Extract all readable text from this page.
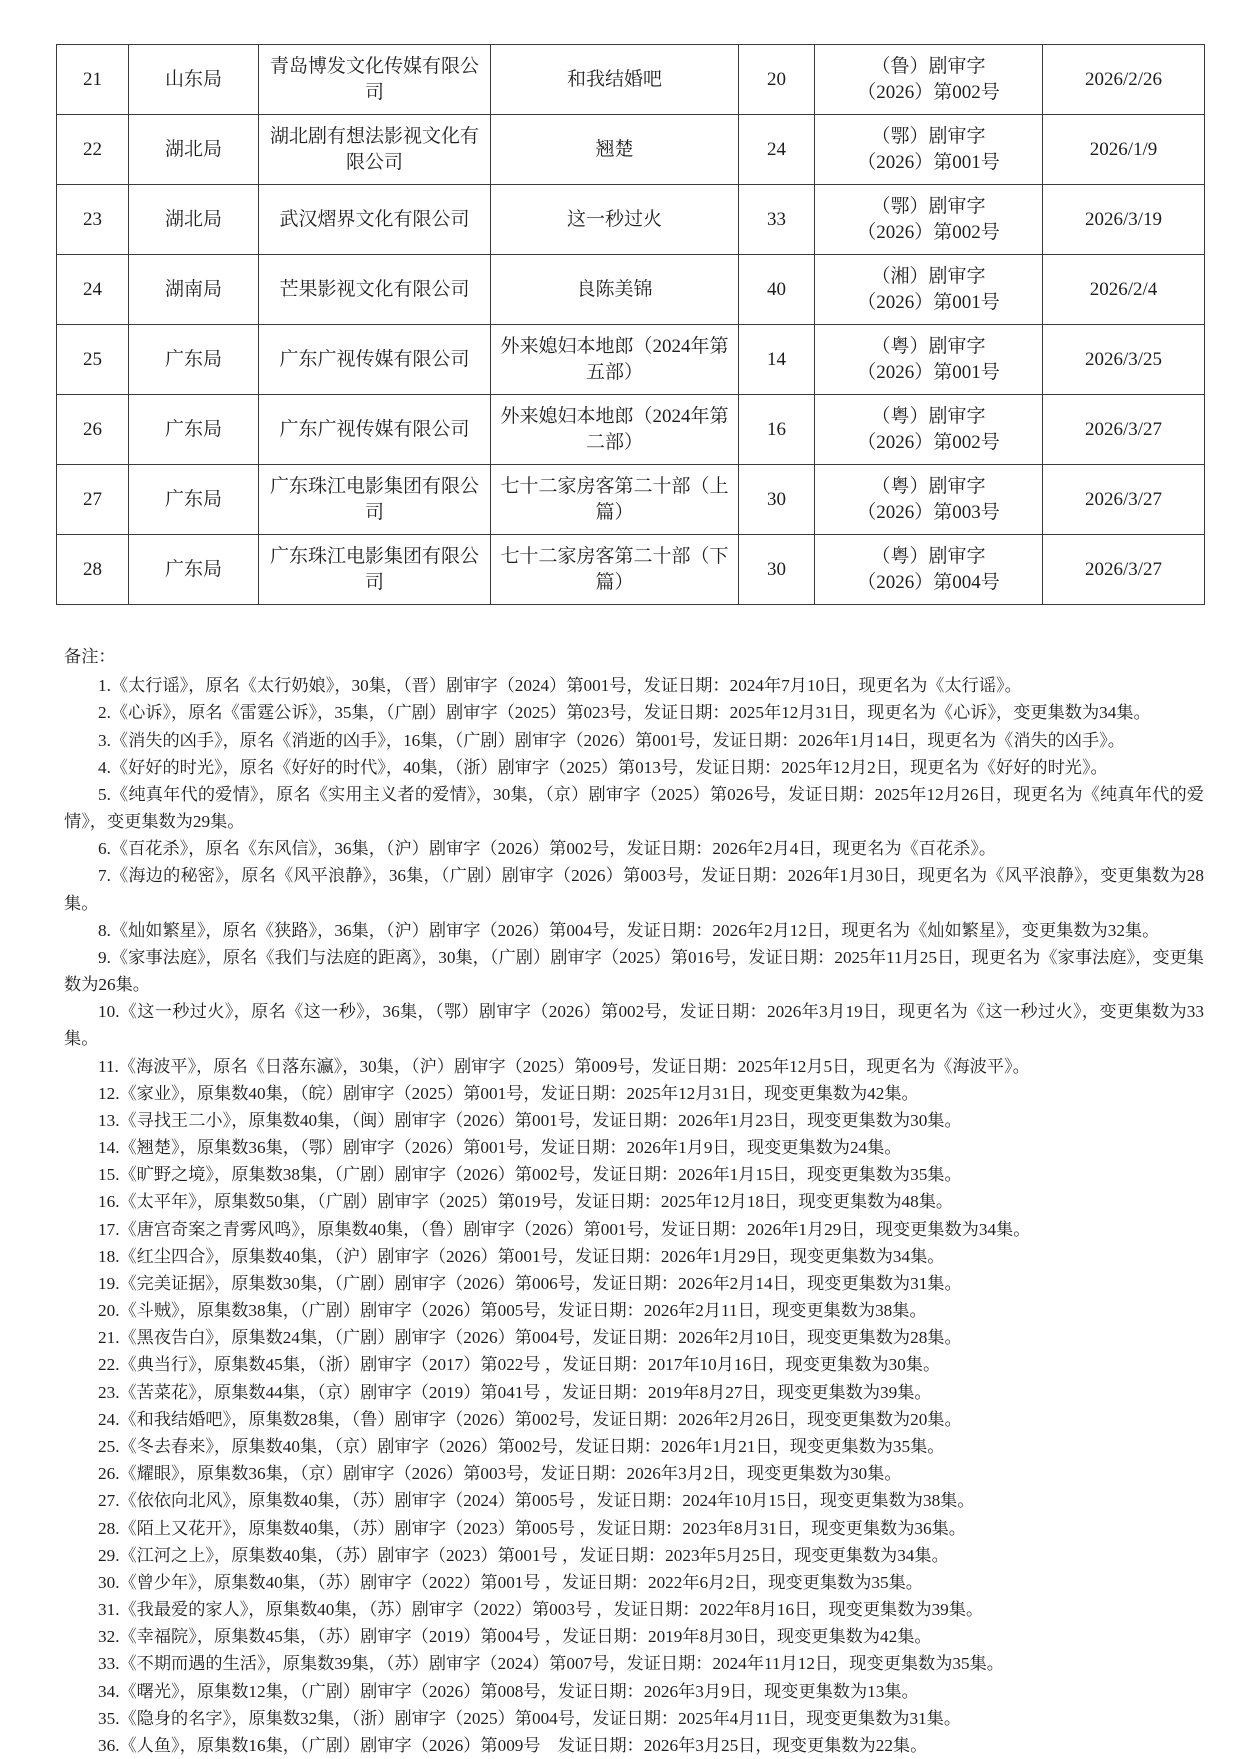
21	山东局	青岛博发文化传媒有限公司	和我结婚吧	20	（鲁）剧审字
（2026）第002号	2026/2/26
22	湖北局	湖北剧有想法影视文化有限公司	翘楚	24	（鄂）剧审字
（2026）第001号	2026/1/9
23	湖北局	武汉熠界文化有限公司	这一秒过火	33	（鄂）剧审字
（2026）第002号	2026/3/19
24	湖南局	芒果影视文化有限公司	良陈美锦	40	（湘）剧审字
（2026）第001号	2026/2/4
25	广东局	广东广视传媒有限公司	外来媳妇本地郎（2024年第五部）	14	（粤）剧审字
（2026）第001号	2026/3/25
26	广东局	广东广视传媒有限公司	外来媳妇本地郎（2024年第二部）	16	（粤）剧审字
（2026）第002号	2026/3/27
27	广东局	广东珠江电影集团有限公司	七十二家房客第二十部（上篇）	30	（粤）剧审字
（2026）第003号	2026/3/27
28	广东局	广东珠江电影集团有限公司	七十二家房客第二十部（下篇）	30	（粤）剧审字
（2026）第004号	2026/3/27

备注：

1.《太行谣》，原名《太行奶娘》，30集，（晋）剧审字（2024）第001号，发证日期：2024年7月10日，现更名为《太行谣》。

2.《心诉》，原名《雷霆公诉》，35集，（广剧）剧审字（2025）第023号，发证日期：2025年12月31日，现更名为《心诉》，变更集数为34集。

3.《消失的凶手》，原名《消逝的凶手》，16集，（广剧）剧审字（2026）第001号，发证日期：2026年1月14日，现更名为《消失的凶手》。

4.《好好的时光》，原名《好好的时代》，40集，（浙）剧审字（2025）第013号，发证日期：2025年12月2日，现更名为《好好的时光》。

5.《纯真年代的爱情》，原名《实用主义者的爱情》，30集，（京）剧审字（2025）第026号，发证日期：2025年12月26日，现更名为《纯真年代的爱情》，变更集数为29集。

6.《百花杀》，原名《东风信》，36集，（沪）剧审字（2026）第002号，发证日期：2026年2月4日，现更名为《百花杀》。

7.《海边的秘密》，原名《风平浪静》，36集，（广剧）剧审字（2026）第003号，发证日期：2026年1月30日，现更名为《风平浪静》，变更集数为28集。

8.《灿如繁星》，原名《狭路》，36集，（沪）剧审字（2026）第004号，发证日期：2026年2月12日，现更名为《灿如繁星》，变更集数为32集。

9.《家事法庭》，原名《我们与法庭的距离》，30集，（广剧）剧审字（2025）第016号，发证日期：2025年11月25日，现更名为《家事法庭》，变更集数为26集。

10.《这一秒过火》，原名《这一秒》，36集，（鄂）剧审字（2026）第002号，发证日期：2026年3月19日，现更名为《这一秒过火》，变更集数为33集。

11.《海波平》，原名《日落东瀛》，30集，（沪）剧审字（2025）第009号，发证日期：2025年12月5日，现更名为《海波平》。

12.《家业》，原集数40集，（皖）剧审字（2025）第001号，发证日期：2025年12月31日，现变更集数为42集。

13.《寻找王二小》，原集数40集，（闽）剧审字（2026）第001号，发证日期：2026年1月23日，现变更集数为30集。

14.《翘楚》，原集数36集，（鄂）剧审字（2026）第001号，发证日期：2026年1月9日，现变更集数为24集。

15.《旷野之境》，原集数38集，（广剧）剧审字（2026）第002号，发证日期：2026年1月15日，现变更集数为35集。

16.《太平年》，原集数50集，（广剧）剧审字（2025）第019号，发证日期：2025年12月18日，现变更集数为48集。

17.《唐宫奇案之青雾风鸣》，原集数40集，（鲁）剧审字（2026）第001号，发证日期：2026年1月29日，现变更集数为34集。

18.《红尘四合》，原集数40集，（沪）剧审字（2026）第001号，发证日期：2026年1月29日，现变更集数为34集。

19.《完美证据》，原集数30集，（广剧）剧审字（2026）第006号，发证日期：2026年2月14日，现变更集数为31集。

20.《斗贼》，原集数38集，（广剧）剧审字（2026）第005号，发证日期：2026年2月11日，现变更集数为38集。

21.《黑夜告白》，原集数24集，（广剧）剧审字（2026）第004号，发证日期：2026年2月10日，现变更集数为28集。

22.《典当行》，原集数45集，（浙）剧审字（2017）第022号 ，发证日期：2017年10月16日，现变更集数为30集。

23.《苦菜花》，原集数44集，（京）剧审字（2019）第041号 ，发证日期：2019年8月27日，现变更集数为39集。

24.《和我结婚吧》，原集数28集，（鲁）剧审字（2026）第002号，发证日期：2026年2月26日，现变更集数为20集。

25.《冬去春来》，原集数40集，（京）剧审字（2026）第002号，发证日期：2026年1月21日，现变更集数为35集。

26.《耀眼》，原集数36集，（京）剧审字（2026）第003号，发证日期：2026年3月2日，现变更集数为30集。

27.《依依向北风》，原集数40集，（苏）剧审字（2024）第005号 ，发证日期：2024年10月15日，现变更集数为38集。

28.《陌上又花开》，原集数40集，（苏）剧审字（2023）第005号 ，发证日期：2023年8月31日，现变更集数为36集。

29.《江河之上》，原集数40集，（苏）剧审字（2023）第001号 ，发证日期：2023年5月25日，现变更集数为34集。

30.《曾少年》，原集数40集，（苏）剧审字（2022）第001号 ，发证日期：2022年6月2日，现变更集数为35集。

31.《我最爱的家人》，原集数40集，（苏）剧审字（2022）第003号 ，发证日期：2022年8月16日，现变更集数为39集。

32.《幸福院》，原集数45集，（苏）剧审字（2019）第004号 ，发证日期：2019年8月30日，现变更集数为42集。

33.《不期而遇的生活》，原集数39集，（苏）剧审字（2024）第007号，发证日期：2024年11月12日，现变更集数为35集。

34.《曙光》，原集数12集，（广剧）剧审字（2026）第008号，发证日期：2026年3月9日，现变更集数为13集。

35.《隐身的名字》，原集数32集，（浙）剧审字（2025）第004号，发证日期：2025年4月11日，现变更集数为31集。

36.《人鱼》，原集数16集，（广剧）剧审字（2026）第009号　发证日期：2026年3月25日，现变更集数为22集。
